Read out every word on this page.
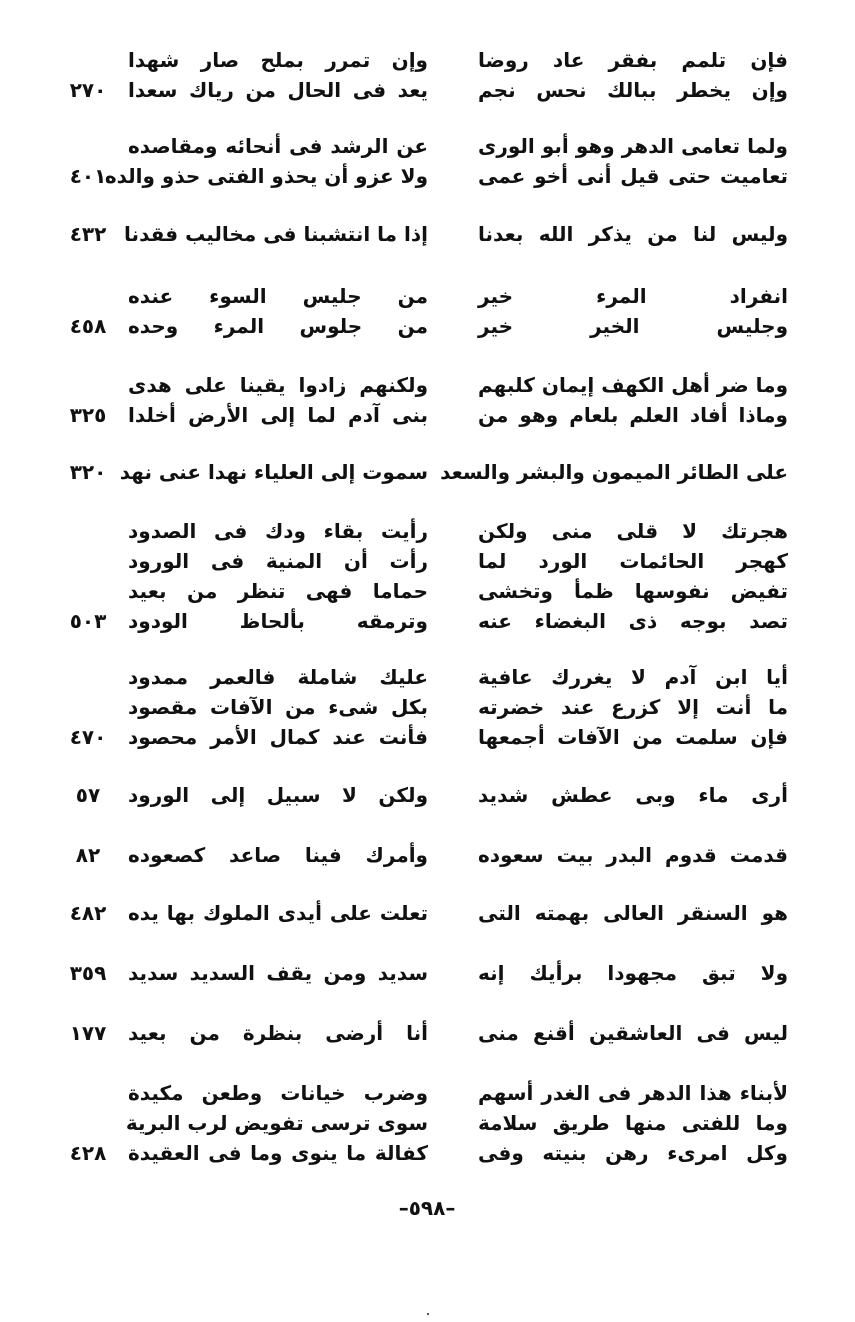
فإن تلمم بفقر عاد روضا
وإن تمرر بملح صار شهدا
وإن يخطر ببالك نحس نجم
يعد فى الحال من رياك سعدا
٢٧٠
ولما تعامى الدهر وهو أبو الورى
عن الرشد فى أنحائه ومقاصده
تعاميت حتى قيل أنى أخو عمى
ولا عزو أن يحذو الفتى حذو والده
٤٠١
وليس لنا من يذكر الله بعدنا
إذا ما انتشبنا فى مخاليب فقدنا
٤٣٢
انفراد المرء خير
من جليس السوء عنده
وجليس الخير خير
من جلوس المرء وحده
٤٥٨
وما ضر أهل الكهف إيمان كلبهم
ولكنهم زادوا يقينا على هدى
وماذا أفاد العلم بلعام وهو من
بنى آدم لما إلى الأرض أخلدا
٣٢٥
على الطائر الميمون والبشر والسعد
سموت إلى العلياء نهدا عنى نهد
٣٢٠
هجرتك لا قلى منى ولكن
رأيت بقاء ودك فى الصدود
كهجر الحائمات الورد لما
رأت أن المنية فى الورود
تفيض نفوسها ظمأ وتخشى
حماما فهى تنظر من بعيد
تصد بوجه ذى البغضاء عنه
وترمقه بألحاظ الودود
٥٠٣
أيا ابن آدم لا يغررك عافية
عليك شاملة فالعمر ممدود
ما أنت إلا كزرع عند خضرته
بكل شىء من الآفات مقصود
فإن سلمت من الآفات أجمعها
فأنت عند كمال الأمر محصود
٤٧٠
أرى ماء وبى عطش شديد
ولكن لا سبيل إلى الورود
٥٧
قدمت قدوم البدر بيت سعوده
وأمرك فينا صاعد كصعوده
٨٢
هو السنقر العالى بهمته التى
تعلت على أيدى الملوك بها يده
٤٨٢
ولا تبق مجهودا برأيك إنه
سديد ومن يقف السديد سديد
٣٥٩
ليس فى العاشقين أقنع منى
أنا أرضى بنظرة من بعيد
١٧٧
لأبناء هذا الدهر فى الغدر أسهم
وضرب خيانات وطعن مكيدة
وما للفتى منها طريق سلامة
سوى ترسى تفويض لرب البرية
وكل امرىء رهن بنيته وفى
كفالة ما ينوى وما فى العقيدة
٤٢٨
–٥٩٨–
